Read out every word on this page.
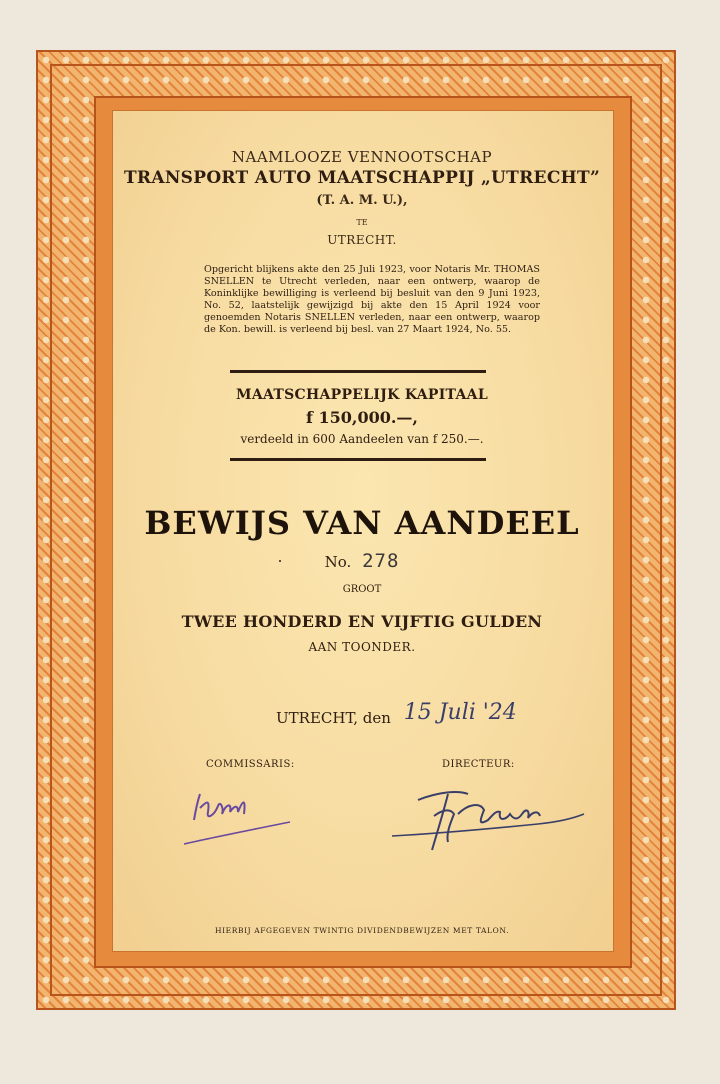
NAAMLOOZE VENNOOTSCHAP
TRANSPORT AUTO MAATSCHAPPIJ „UTRECHT”
(T. A. M. U.),
TE
UTRECHT.
Opgericht blijkens akte den 25 Juli 1923, voor Notaris Mr. THOMAS SNELLEN te Utrecht verleden, naar een ontwerp, waarop de Koninklijke bewilliging is verleend bij besluit van den 9 Juni 1923, No. 52, laatstelijk gewijzigd bij akte den 15 April 1924 voor genoemden Notaris SNELLEN verleden, naar een ontwerp, waarop de Kon. bewill. is verleend bij besl. van 27 Maart 1924, No. 55.
MAATSCHAPPELIJK KAPITAAL
f 150,000.—,
verdeeld in 600 Aandeelen van f 250.—.
BEWIJS VAN AANDEEL
No. 278
GROOT
TWEE HONDERD EN VIJFTIG GULDEN
AAN TOONDER.
UTRECHT, den 15 Juli '24
COMMISSARIS:	DIRECTEUR:
HIERBIJ AFGEGEVEN TWINTIG DIVIDENDBEWIJZEN MET TALON.
